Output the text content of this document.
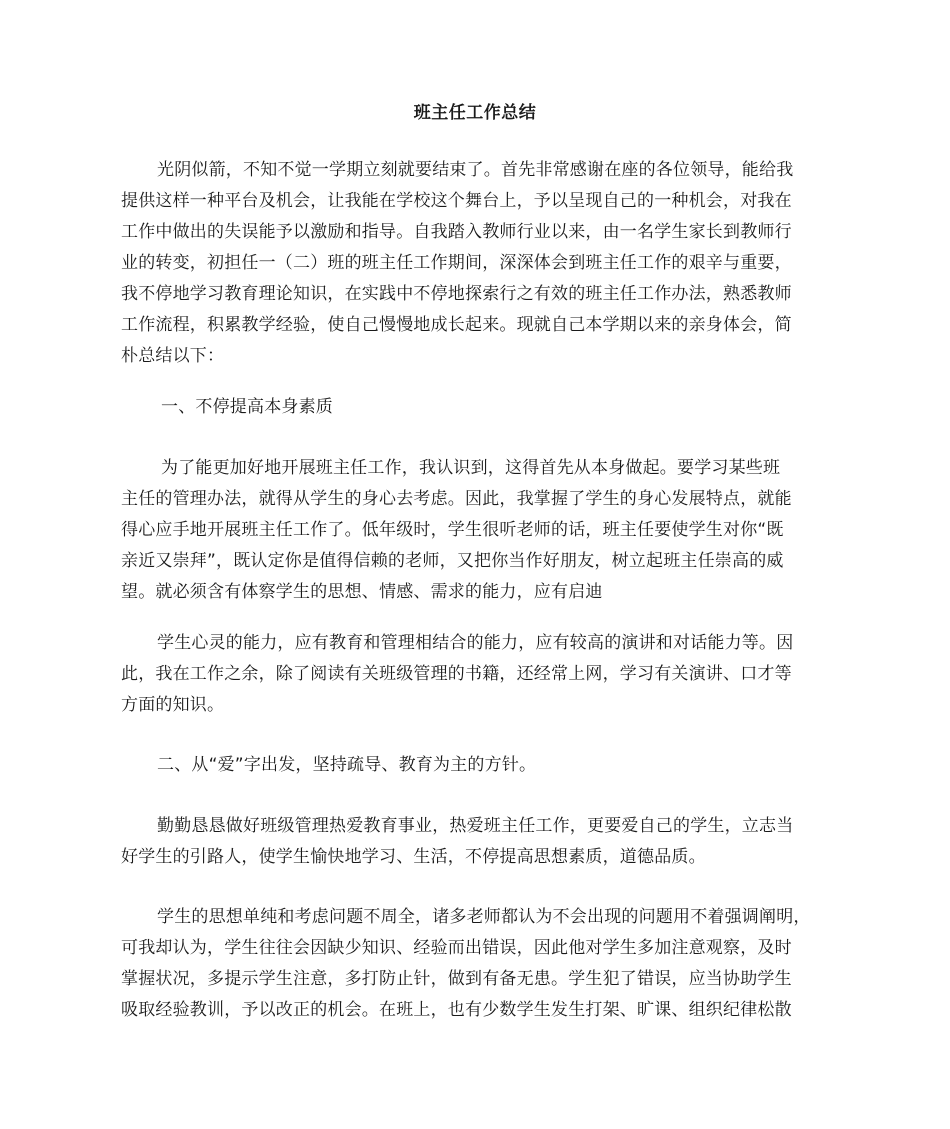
班主任工作总结
光阴似箭，不知不觉一学期立刻就要结束了。首先非常感谢在座的各位领导，能给我
提供这样一种平台及机会，让我能在学校这个舞台上，予以呈现自己的一种机会，对我在
工作中做出的失误能予以激励和指导。自我踏入教师行业以来，由一名学生家长到教师行
业的转变，初担任一（二）班的班主任工作期间，深深体会到班主任工作的艰辛与重要，
我不停地学习教育理论知识，在实践中不停地探索行之有效的班主任工作办法，熟悉教师
工作流程，积累教学经验，使自己慢慢地成长起来。现就自己本学期以来的亲身体会，简
朴总结以下：
一、不停提高本身素质
为了能更加好地开展班主任工作，我认识到，这得首先从本身做起。要学习某些班
主任的管理办法，就得从学生的身心去考虑。因此，我掌握了学生的身心发展特点，就能
得心应手地开展班主任工作了。低年级时，学生很听老师的话，班主任要使学生对你“既
亲近又崇拜”，既认定你是值得信赖的老师，又把你当作好朋友，树立起班主任崇高的威
望。就必须含有体察学生的思想、情感、需求的能力，应有启迪
学生心灵的能力，应有教育和管理相结合的能力，应有较高的演讲和对话能力等。因
此，我在工作之余，除了阅读有关班级管理的书籍，还经常上网，学习有关演讲、口才等
方面的知识。
二、从“爱”字出发，坚持疏导、教育为主的方针。
勤勤恳恳做好班级管理热爱教育事业，热爱班主任工作，更要爱自己的学生，立志当
好学生的引路人，使学生愉快地学习、生活，不停提高思想素质，道德品质。
学生的思想单纯和考虑问题不周全，诸多老师都认为不会出现的问题用不着强调阐明，
可我却认为，学生往往会因缺少知识、经验而出错误，因此他对学生多加注意观察，及时
掌握状况，多提示学生注意，多打防止针，做到有备无患。学生犯了错误，应当协助学生
吸取经验教训，予以改正的机会。在班上，也有少数学生发生打架、旷课、组织纪律松散
